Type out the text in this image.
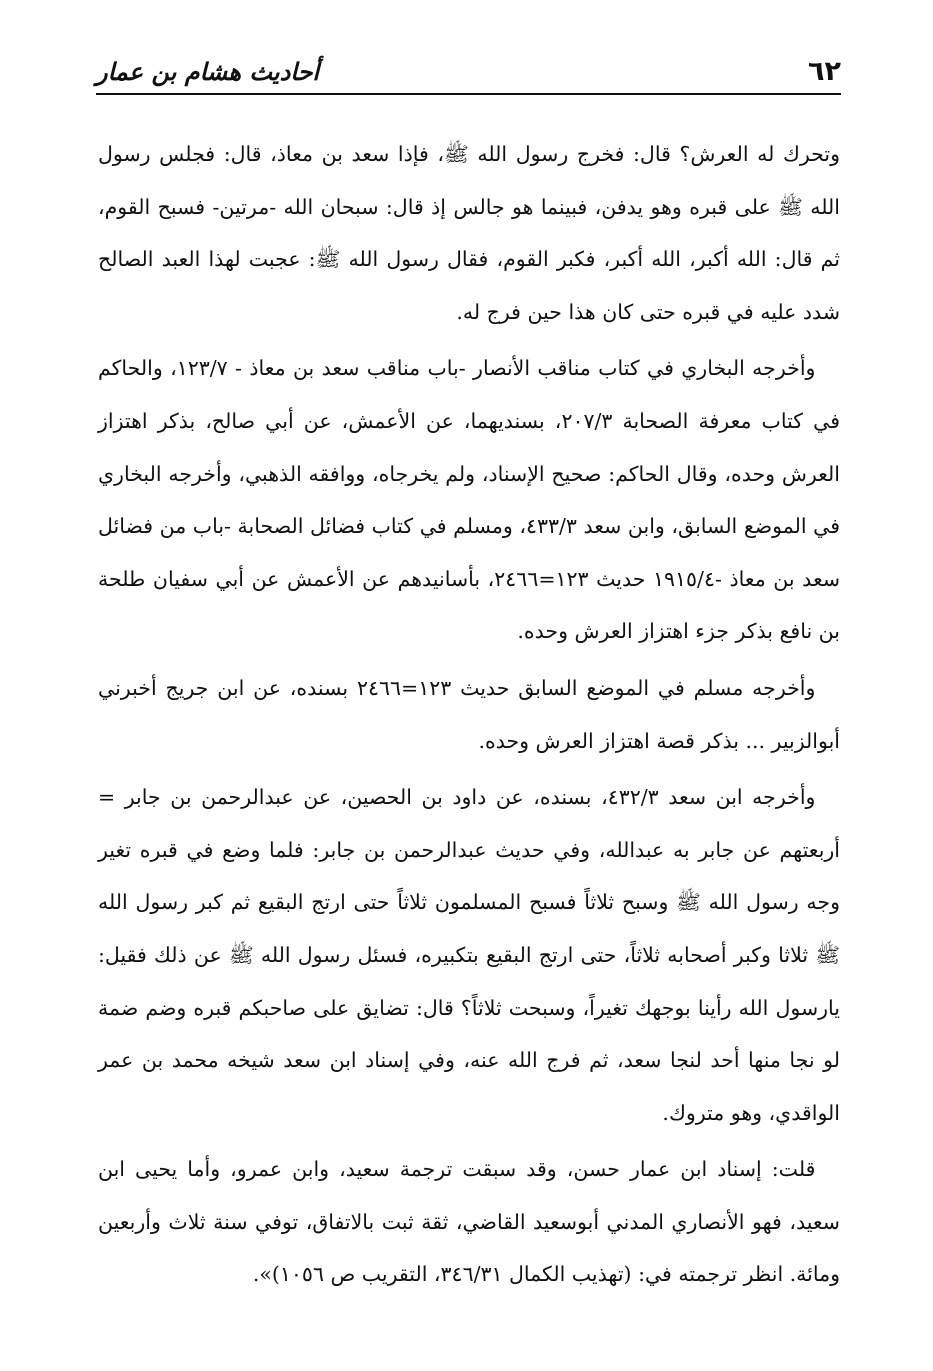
٦٢
أحاديث هشام بن عمار

وتحرك له العرش؟ قال: فخرج رسول الله ﷺ، فإذا سعد بن معاذ، قال: فجلس رسول الله ﷺ على قبره وهو يدفن، فبينما هو جالس إذ قال: سبحان الله -مرتين- فسبح القوم، ثم قال: الله أكبر، الله أكبر، فكبر القوم، فقال رسول الله ﷺ: عجبت لهذا العبد الصالح شدد عليه في قبره حتى كان هذا حين فرج له.

وأخرجه البخاري في كتاب مناقب الأنصار -باب مناقب سعد بن معاذ - ١٢٣/٧، والحاكم في كتاب معرفة الصحابة ٢٠٧/٣، بسنديهما، عن الأعمش، عن أبي صالح، بذكر اهتزاز العرش وحده، وقال الحاكم: صحيح الإسناد، ولم يخرجاه، ووافقه الذهبي، وأخرجه البخاري في الموضع السابق، وابن سعد ٤٣٣/٣، ومسلم في كتاب فضائل الصحابة -باب من فضائل سعد بن معاذ -١٩١٥/٤ حديث ١٢٣=٢٤٦٦، بأسانيدهم عن الأعمش عن أبي سفيان طلحة بن نافع بذكر جزء اهتزاز العرش وحده.

وأخرجه مسلم في الموضع السابق حديث ١٢٣=٢٤٦٦ بسنده، عن ابن جريج أخبرني أبوالزبير ... بذكر قصة اهتزاز العرش وحده.

وأخرجه ابن سعد ٤٣٢/٣، بسنده، عن داود بن الحصين، عن عبدالرحمن بن جابر = أربعتهم عن جابر به عبدالله، وفي حديث عبدالرحمن بن جابر: فلما وضع في قبره تغير وجه رسول الله ﷺ وسبح ثلاثاً فسبح المسلمون ثلاثاً حتى ارتج البقيع ثم كبر رسول الله ﷺ ثلاثا وكبر أصحابه ثلاثاً، حتى ارتج البقيع بتكبيره، فسئل رسول الله ﷺ عن ذلك فقيل: يارسول الله رأينا بوجهك تغيراً، وسبحت ثلاثاً؟ قال: تضايق على صاحبكم قبره وضم ضمة لو نجا منها أحد لنجا سعد، ثم فرج الله عنه، وفي إسناد ابن سعد شيخه محمد بن عمر الواقدي، وهو متروك.

قلت: إسناد ابن عمار حسن، وقد سبقت ترجمة سعيد، وابن عمرو، وأما يحيى ابن سعيد، فهو الأنصاري المدني أبوسعيد القاضي، ثقة ثبت بالاتفاق، توفي سنة ثلاث وأربعين ومائة. انظر ترجمته في: (تهذيب الكمال ٣٤٦/٣١، التقريب ص ١٠٥٦)».
